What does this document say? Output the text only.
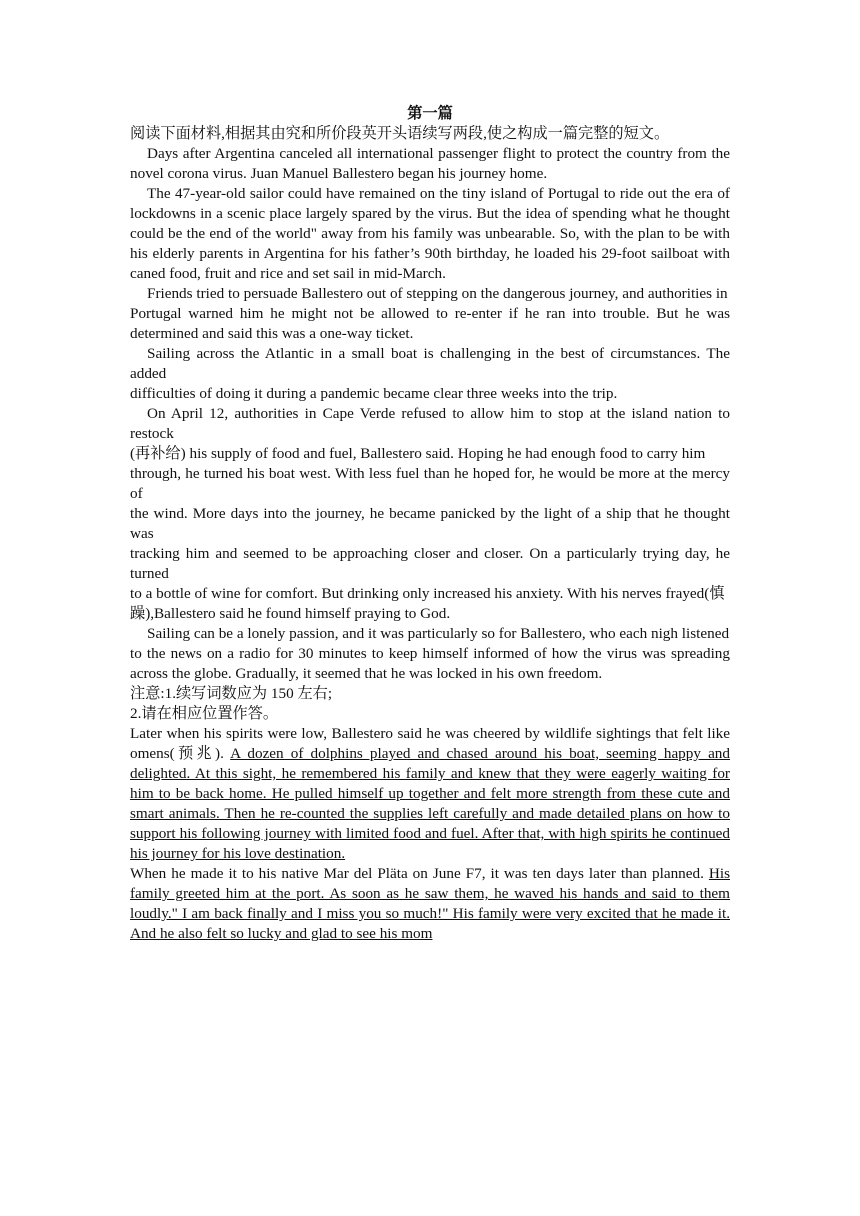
第一篇

阅读下面材料,相据其由究和所价段英开头语续写两段,使之构成一篇完整的短文。

Days after Argentina canceled all international passenger flight to protect the country from the novel corona virus. Juan Manuel Ballestero began his journey home.

The 47-year-old sailor could have remained on the tiny island of Portugal to ride out the era of lockdowns in a scenic place largely spared by the virus. But the idea of spending what he thought could be the end of the world" away from his family was unbearable. So, with the plan to be with his elderly parents in Argentina for his father’s 90th birthday, he loaded his 29-foot sailboat with caned food, fruit and rice and set sail in mid-March.

Friends tried to persuade Ballestero out of stepping on the dangerous journey, and authorities in

Portugal warned him he might not be allowed to re-enter if he ran into trouble. But he was determined and said this was a one-way ticket.

Sailing across the Atlantic in a small boat is challenging in the best of circumstances. The added

difficulties of doing it during a pandemic became clear three weeks into the trip.

On April 12, authorities in Cape Verde refused to allow him to stop at the island nation to restock

(再补给) his supply of food and fuel, Ballestero said. Hoping he had enough food to carry him

through, he turned his boat west. With less fuel than he hoped for, he would be more at the mercy of

the wind. More days into the journey, he became panicked by the light of a ship that he thought was

tracking him and seemed to be approaching closer and closer. On a particularly trying day, he turned

to a bottle of wine for comfort. But drinking only increased his anxiety. With his nerves frayed(慎

躁),Ballestero said he found himself praying to God.

Sailing can be a lonely passion, and it was particularly so for Ballestero, who each nigh listened

to the news on a radio for 30 minutes to keep himself informed of how the virus was spreading across the globe. Gradually, it seemed that he was locked in his own freedom.

注意:1.续写词数应为 150 左右;

2.请在相应位置作答。

Later when his spirits were low, Ballestero said he was cheered by wildlife sightings that felt like omens(预兆). A dozen of dolphins played and chased around his boat, seeming happy and delighted. At this sight, he remembered his family and knew that they were eagerly waiting for him to be back home. He pulled himself up together and felt more strength from these cute and smart animals. Then he re-counted the supplies left carefully and made detailed plans on how to support his following journey with limited food and fuel. After that, with high spirits he continued his journey for his love destination.

When he made it to his native Mar del Pläta on June F7, it was ten days later than planned. His family greeted him at the port. As soon as he saw them, he waved his hands and said to them loudly." I am back finally and I miss you so much!" His family were very excited that he made it. And he also felt so lucky and glad to see his mom
